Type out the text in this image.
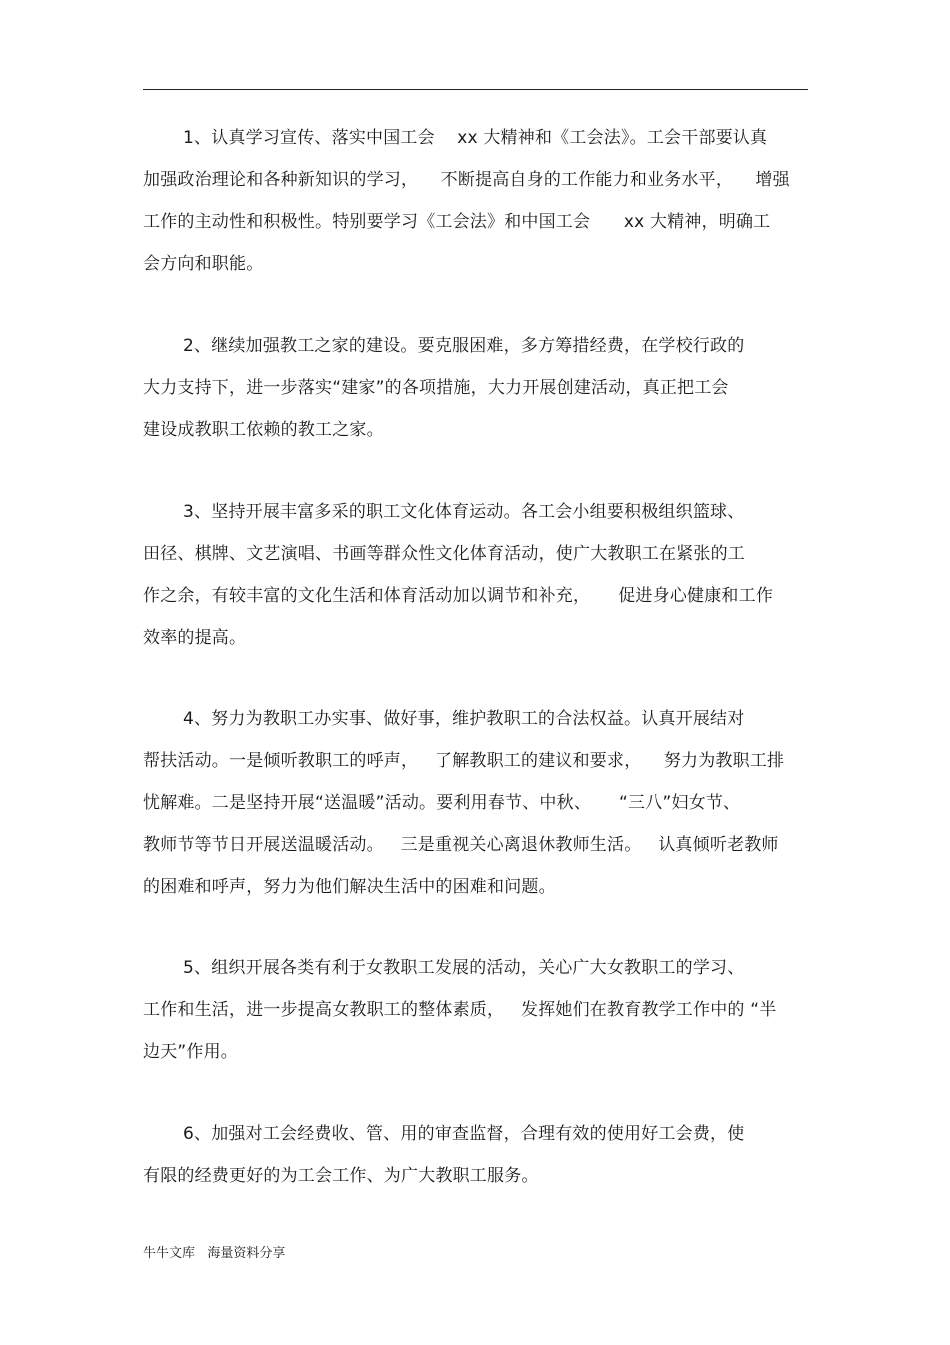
1、认真学习宣传、落实中国工会    xx 大精神和《工会法》。工会干部要认真
加强政治理论和各种新知识的学习，    不断提高自身的工作能力和业务水平，    增强
工作的主动性和积极性。特别要学习《工会法》和中国工会      xx 大精神，明确工
会方向和职能。
2、继续加强教工之家的建设。要克服困难，多方筹措经费，在学校行政的
大力支持下，进一步落实“建家”的各项措施，大力开展创建活动，真正把工会
建设成教职工依赖的教工之家。
3、坚持开展丰富多采的职工文化体育运动。各工会小组要积极组织篮球、
田径、棋牌、文艺演唱、书画等群众性文化体育活动，使广大教职工在紧张的工
作之余，有较丰富的文化生活和体育活动加以调节和补充，     促进身心健康和工作
效率的提高。
4、努力为教职工办实事、做好事，维护教职工的合法权益。认真开展结对
帮扶活动。一是倾听教职工的呼声，   了解教职工的建议和要求，    努力为教职工排
忧解难。二是坚持开展“送温暖”活动。要利用春节、中秋、     “三八”妇女节、
教师节等节日开展送温暖活动。   三是重视关心离退休教师生活。   认真倾听老教师
的困难和呼声，努力为他们解决生活中的困难和问题。
5、组织开展各类有利于女教职工发展的活动，关心广大女教职工的学习、
工作和生活，进一步提高女教职工的整体素质，   发挥她们在教育教学工作中的 “半
边天”作用。
6、加强对工会经费收、管、用的审查监督，合理有效的使用好工会费，使
有限的经费更好的为工会工作、为广大教职工服务。
牛牛文库   海量资料分享
